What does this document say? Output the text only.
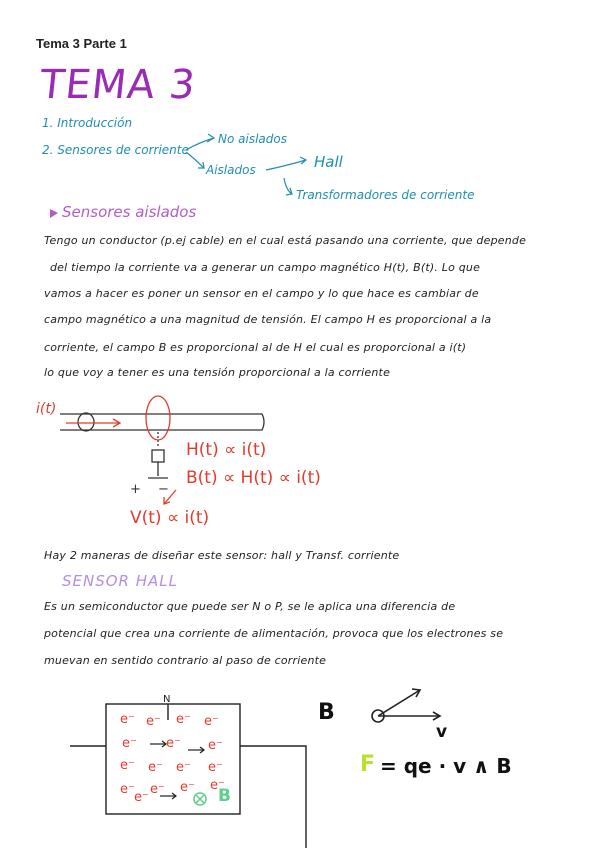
Tema 3 Parte 1
TEMA 3
1. Introducción
2. Sensores de corriente
No aislados
Aislados	Hall
Transformadores de corriente
Sensores aislados
Tengo un conductor (p.ej cable) en el cual está pasando una corriente, que depende
del tiempo la corriente va a generar un campo magnético H(t), B(t). Lo que
vamos a hacer es poner un sensor en el campo y lo que hace es cambiar de
campo magnético a una magnitud de tensión. El campo H es proporcional a la
corriente, el campo B es proporcional al de H el cual es proporcional a i(t)
lo que voy a tener es una tensión proporcional a la corriente
i(t)
H(t) ∝ i(t)
B(t) ∝ H(t) ∝ i(t)
+ −
V(t) ∝ i(t)
Hay 2 maneras de diseñar este sensor: hall y Transf. corriente
SENSOR HALL
Es un semiconductor que puede ser N o P, se le aplica una diferencia de
potencial que crea una corriente de alimentación, provoca que los electrones se
muevan en sentido contrario al paso de corriente
N
e⁻ e⁻ e⁻ e⁻
e⁻ e⁻ e⁻
e⁻ e⁻ e⁻ e⁻
e⁻ e⁻ e⁻ e⁻
e⁻	B
B
v
F = qe · v ∧ B
